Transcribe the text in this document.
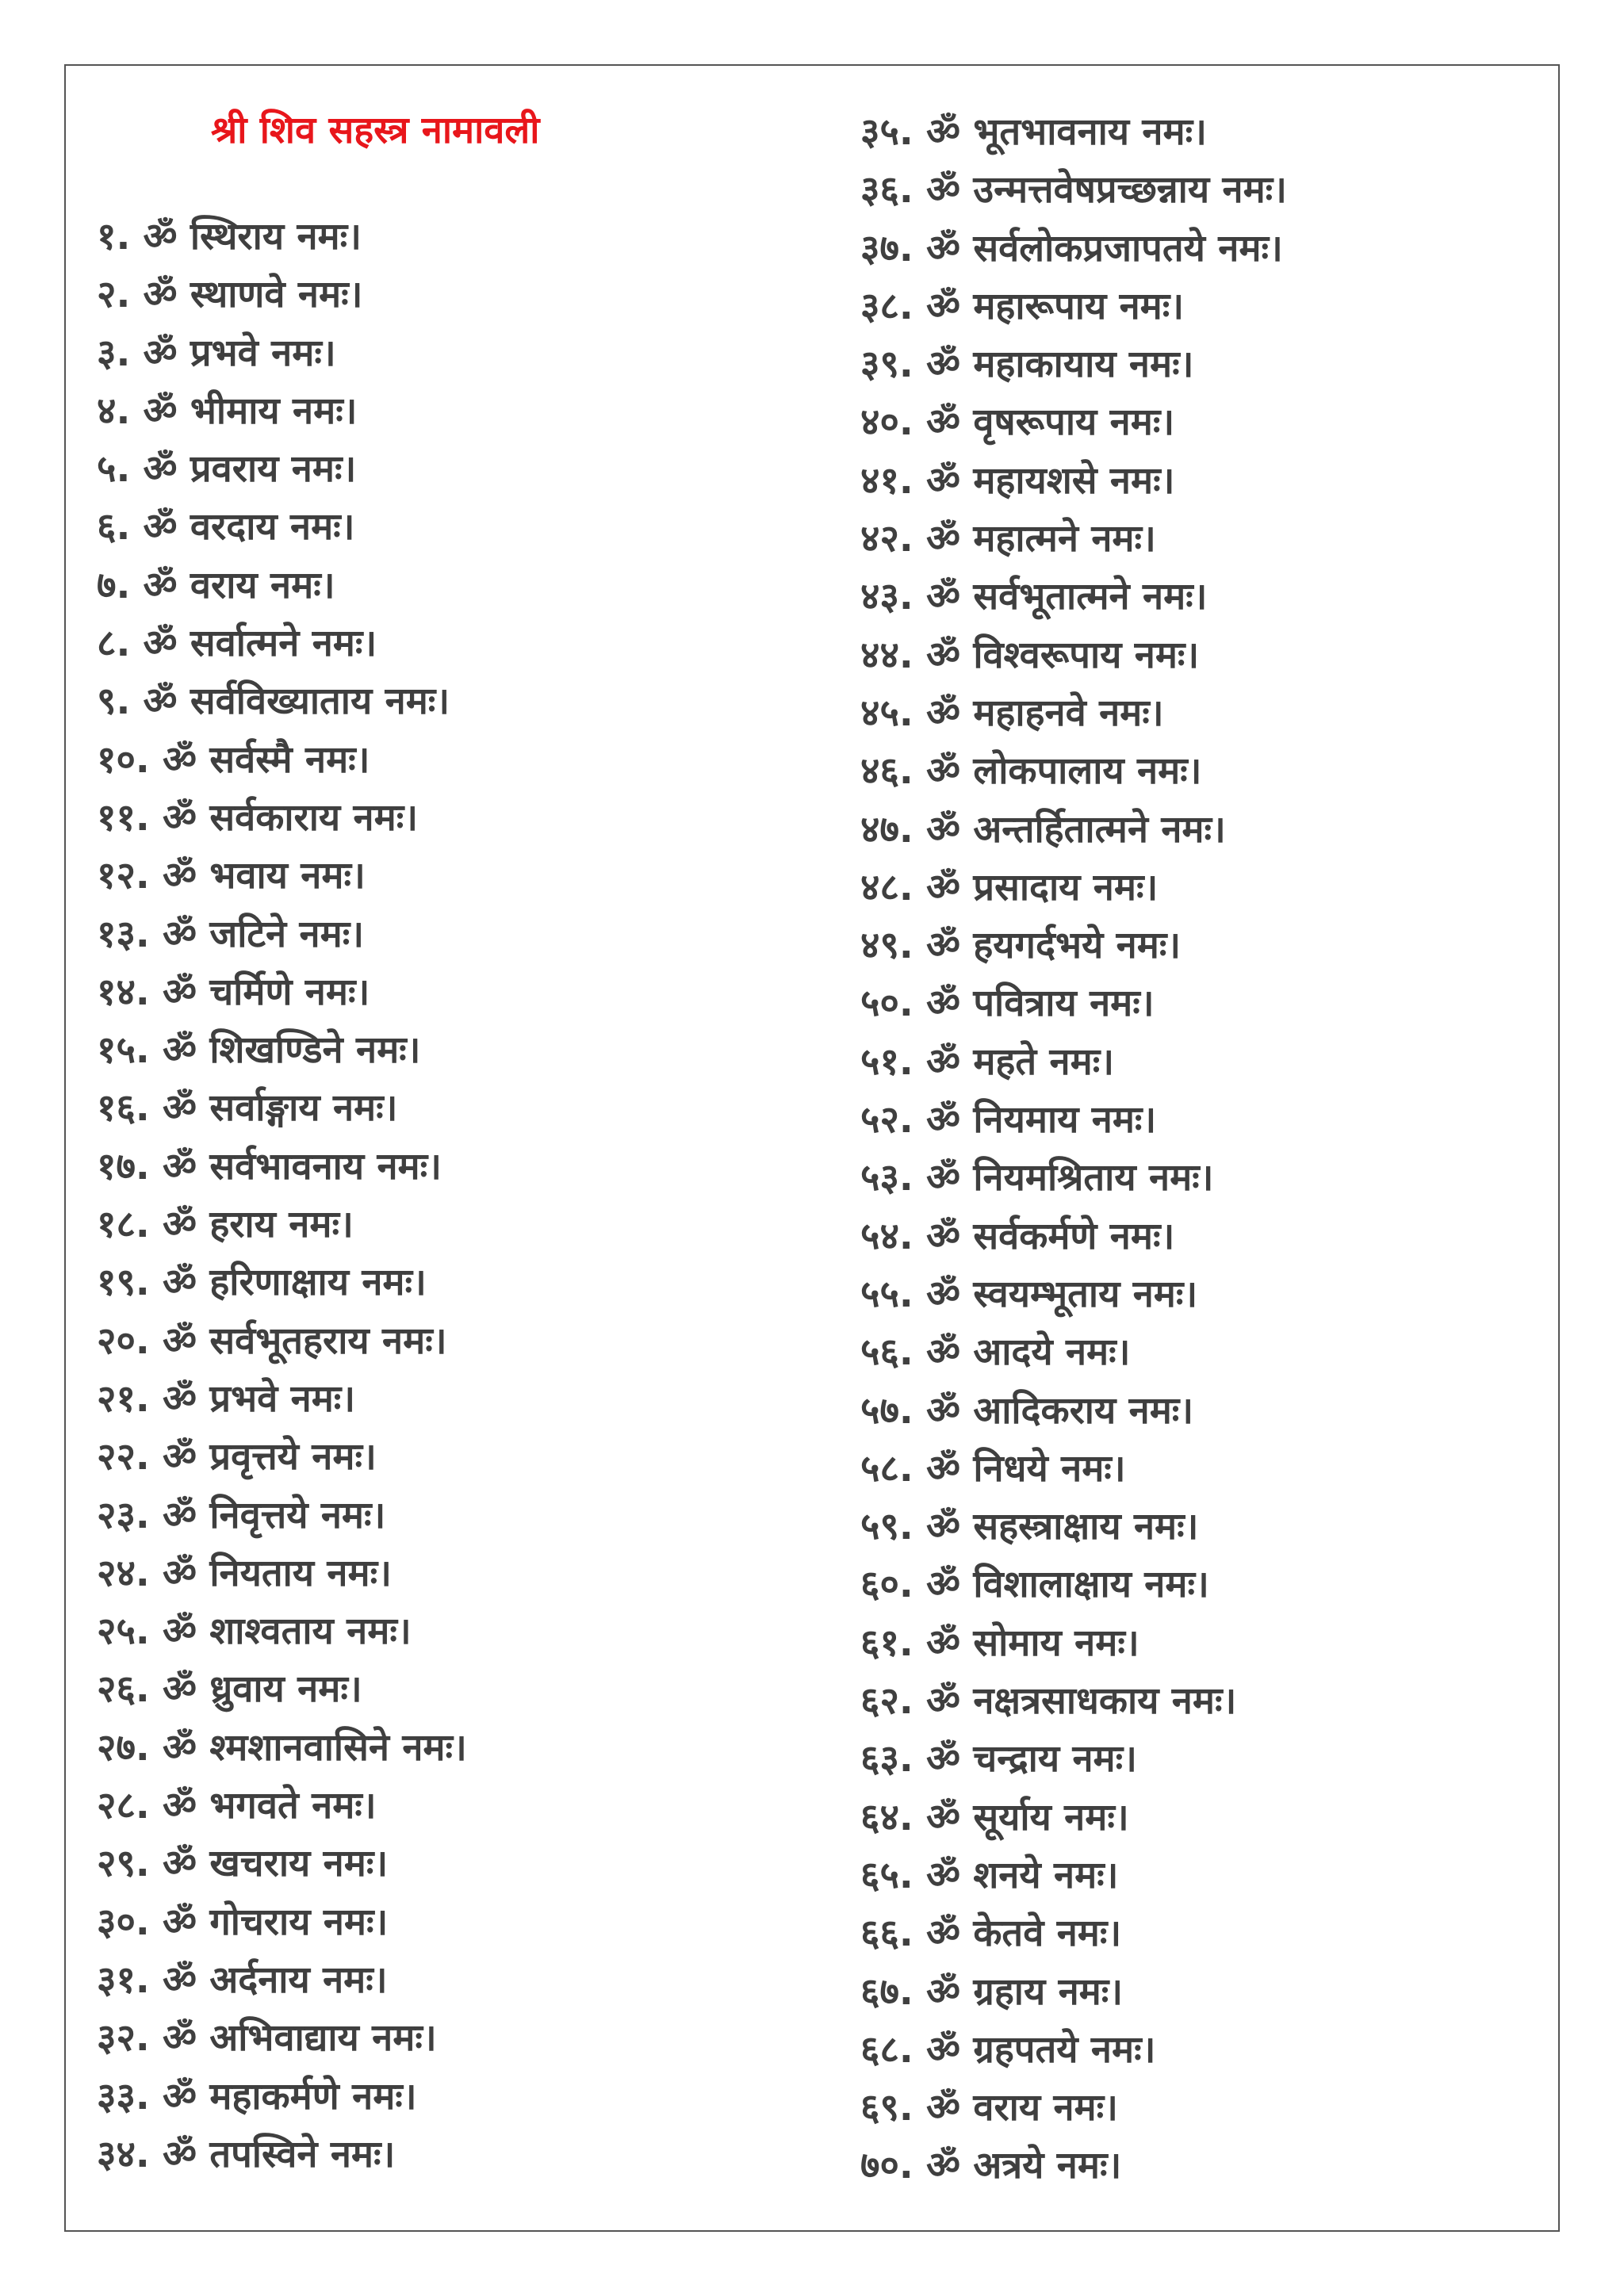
श्री शिव सहस्त्र नामावली
१. ॐ स्थिराय नमः।
२. ॐ स्थाणवे नमः।
३. ॐ प्रभवे नमः।
४. ॐ भीमाय नमः।
५. ॐ प्रवराय नमः।
६. ॐ वरदाय नमः।
७. ॐ वराय नमः।
८. ॐ सर्वात्मने नमः।
९. ॐ सर्वविख्याताय नमः।
१०. ॐ सर्वस्मै नमः।
११. ॐ सर्वकाराय नमः।
१२. ॐ भवाय नमः।
१३. ॐ जटिने नमः।
१४. ॐ चर्मिणे नमः।
१५. ॐ शिखण्डिने नमः।
१६. ॐ सर्वाङ्गाय नमः।
१७. ॐ सर्वभावनाय नमः।
१८. ॐ हराय नमः।
१९. ॐ हरिणाक्षाय नमः।
२०. ॐ सर्वभूतहराय नमः।
२१. ॐ प्रभवे नमः।
२२. ॐ प्रवृत्तये नमः।
२३. ॐ निवृत्तये नमः।
२४. ॐ नियताय नमः।
२५. ॐ शाश्वताय नमः।
२६. ॐ ध्रुवाय नमः।
२७. ॐ श्मशानवासिने नमः।
२८. ॐ भगवते नमः।
२९. ॐ खचराय नमः।
३०. ॐ गोचराय नमः।
३१. ॐ अर्दनाय नमः।
३२. ॐ अभिवाद्याय नमः।
३३. ॐ महाकर्मणे नमः।
३४. ॐ तपस्विने नमः।
३५. ॐ भूतभावनाय नमः।
३६. ॐ उन्मत्तवेषप्रच्छन्नाय नमः।
३७. ॐ सर्वलोकप्रजापतये नमः।
३८. ॐ महारूपाय नमः।
३९. ॐ महाकायाय नमः।
४०. ॐ वृषरूपाय नमः।
४१. ॐ महायशसे नमः।
४२. ॐ महात्मने नमः।
४३. ॐ सर्वभूतात्मने नमः।
४४. ॐ विश्वरूपाय नमः।
४५. ॐ महाहनवे नमः।
४६. ॐ लोकपालाय नमः।
४७. ॐ अन्तर्हितात्मने नमः।
४८. ॐ प्रसादाय नमः।
४९. ॐ हयगर्दभये नमः।
५०. ॐ पवित्राय नमः।
५१. ॐ महते नमः।
५२. ॐ नियमाय नमः।
५३. ॐ नियमश्रिताय नमः।
५४. ॐ सर्वकर्मणे नमः।
५५. ॐ स्वयम्भूताय नमः।
५६. ॐ आदये नमः।
५७. ॐ आदिकराय नमः।
५८. ॐ निधये नमः।
५९. ॐ सहस्त्राक्षाय नमः।
६०. ॐ विशालाक्षाय नमः।
६१. ॐ सोमाय नमः।
६२. ॐ नक्षत्रसाधकाय नमः।
६३. ॐ चन्द्राय नमः।
६४. ॐ सूर्याय नमः।
६५. ॐ शनये नमः।
६६. ॐ केतवे नमः।
६७. ॐ ग्रहाय नमः।
६८. ॐ ग्रहपतये नमः।
६९. ॐ वराय नमः।
७०. ॐ अत्रये नमः।
